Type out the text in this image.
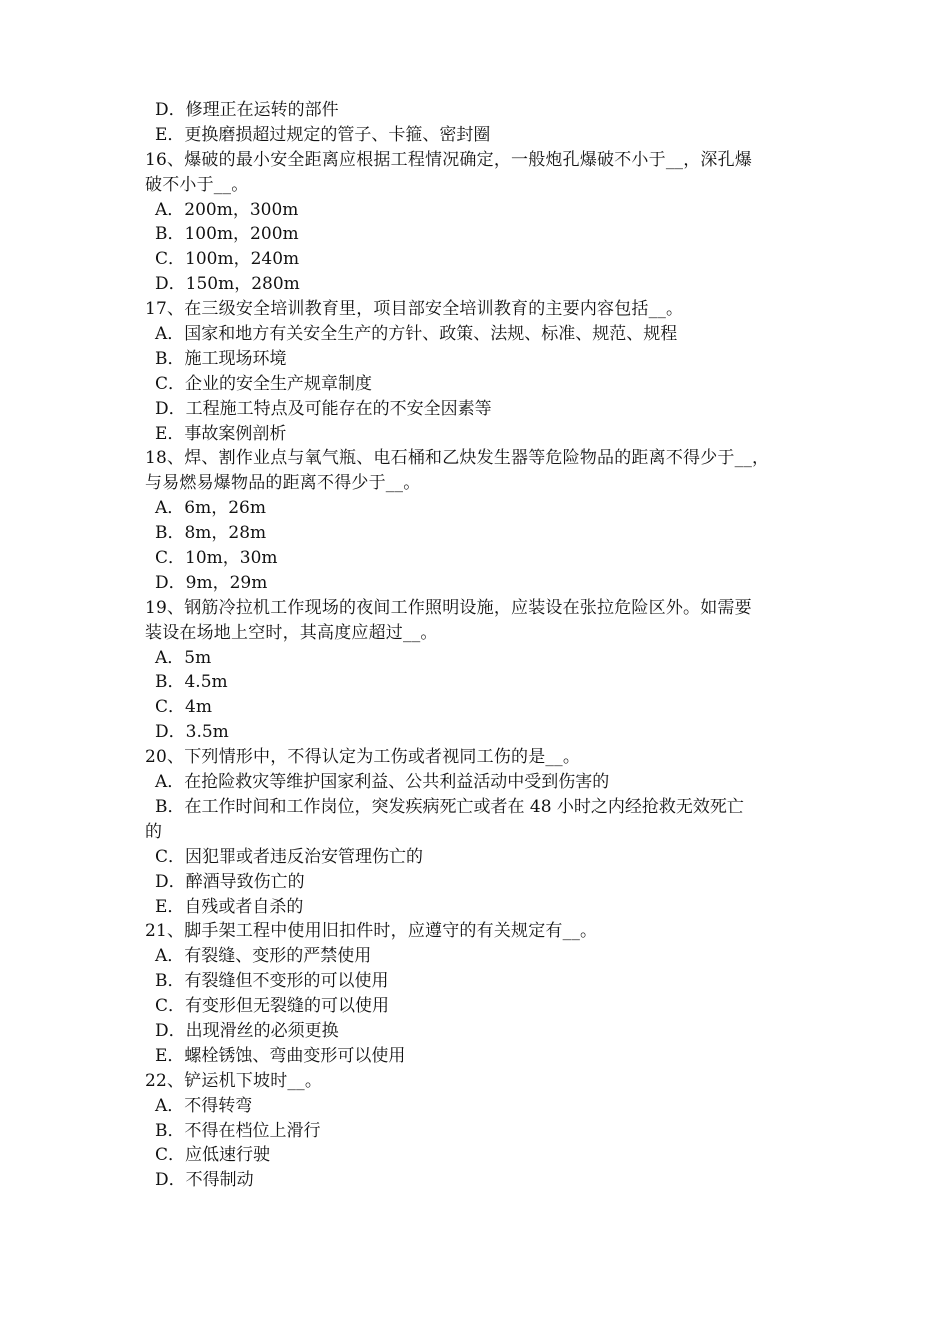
D．修理正在运转的部件
E．更换磨损超过规定的管子、卡箍、密封圈
16、爆破的最小安全距离应根据工程情况确定，一般炮孔爆破不小于__，深孔爆
破不小于__。
A．200m，300m
B．100m，200m
C．100m，240m
D．150m，280m
17、在三级安全培训教育里，项目部安全培训教育的主要内容包括__。
A．国家和地方有关安全生产的方针、政策、法规、标准、规范、规程
B．施工现场环境
C．企业的安全生产规章制度
D．工程施工特点及可能存在的不安全因素等
E．事故案例剖析
18、焊、割作业点与氧气瓶、电石桶和乙炔发生器等危险物品的距离不得少于__，
与易燃易爆物品的距离不得少于__。
A．6m，26m
B．8m，28m
C．10m，30m
D．9m，29m
19、钢筋冷拉机工作现场的夜间工作照明设施，应装设在张拉危险区外。如需要
装设在场地上空时，其高度应超过__。
A．5m
B．4.5m
C．4m
D．3.5m
20、下列情形中，不得认定为工伤或者视同工伤的是__。
A．在抢险救灾等维护国家利益、公共利益活动中受到伤害的
B．在工作时间和工作岗位，突发疾病死亡或者在 48 小时之内经抢救无效死亡
的
C．因犯罪或者违反治安管理伤亡的
D．醉酒导致伤亡的
E．自残或者自杀的
21、脚手架工程中使用旧扣件时，应遵守的有关规定有__。
A．有裂缝、变形的严禁使用
B．有裂缝但不变形的可以使用
C．有变形但无裂缝的可以使用
D．出现滑丝的必须更换
E．螺栓锈蚀、弯曲变形可以使用
22、铲运机下坡时__。
A．不得转弯
B．不得在档位上滑行
C．应低速行驶
D．不得制动
